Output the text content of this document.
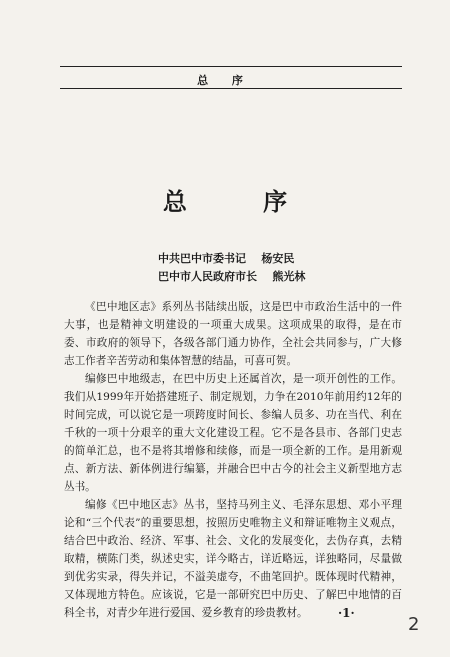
总 序
总 序
中共巴中市委书记    杨安民
巴中市人民政府市长    熊光林

《巴中地区志》系列丛书陆续出版，这是巴中市政治生活中的一件大事，也是精神文明建设的一项重大成果。这项成果的取得，是在市委、市政府的领导下，各级各部门通力协作，全社会共同参与，广大修志工作者辛苦劳动和集体智慧的结晶，可喜可贺。

编修巴中地级志，在巴中历史上还属首次，是一项开创性的工作。我们从1999年开始搭建班子、制定规划，力争在2010年前用约12年的时间完成，可以说它是一项跨度时间长、参编人员多、功在当代、利在千秋的一项十分艰辛的重大文化建设工程。它不是各县市、各部门史志的简单汇总，也不是将其增修和续修，而是一项全新的工作。是用新观点、新方法、新体例进行编纂，并融合巴中古今的社会主义新型地方志丛书。

编修《巴中地区志》丛书，坚持马列主义、毛泽东思想、邓小平理论和“三个代表”的重要思想，按照历史唯物主义和辩证唯物主义观点，结合巴中政治、经济、军事、社会、文化的发展变化，去伪存真，去精取精，横陈门类，纵述史实，详今略古，详近略远，详独略同，尽量做到优劣实录，得失并记，不溢美虚夸，不曲笔回护。既体现时代精神，又体现地方特色。应该说，它是一部研究巴中历史、了解巴中地情的百科全书，对青少年进行爱国、爱乡教育的珍贵教材。	·1·
2
